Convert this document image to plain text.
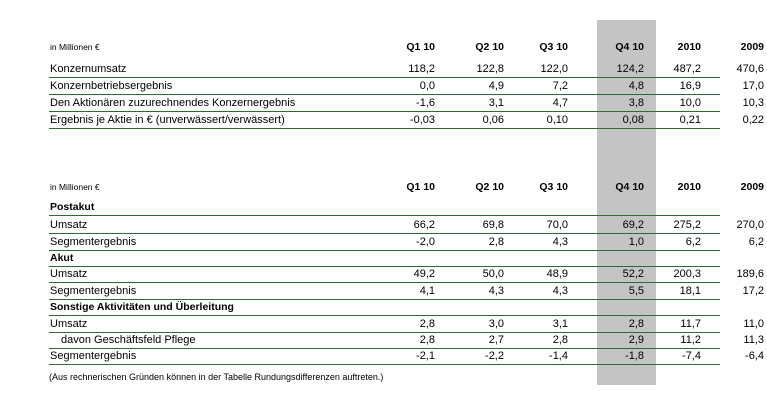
in Millionen €	Q1 10	Q2 10	Q3 10	Q4 10	2010	2009
Konzernumsatz	118,2	122,8	122,0	124,2	487,2	470,6
Konzernbetriebsergebnis	0,0	4,9	7,2	4,8	16,9	17,0
Den Aktionären zuzurechnendes Konzernergebnis	-1,6	3,1	4,7	3,8	10,0	10,3
Ergebnis je Aktie in € (unverwässert/verwässert)	-0,03	0,06	0,10	0,08	0,21	0,22
in Millionen €	Q1 10	Q2 10	Q3 10	Q4 10	2010	2009
Postakut
Umsatz	66,2	69,8	70,0	69,2	275,2	270,0
Segmentergebnis	-2,0	2,8	4,3	1,0	6,2	6,2
Akut
Umsatz	49,2	50,0	48,9	52,2	200,3	189,6
Segmentergebnis	4,1	4,3	4,3	5,5	18,1	17,2
Sonstige Aktivitäten und Überleitung
Umsatz	2,8	3,0	3,1	2,8	11,7	11,0
davon Geschäftsfeld Pflege	2,8	2,7	2,8	2,9	11,2	11,3
Segmentergebnis	-2,1	-2,2	-1,4	-1,8	-7,4	-6,4
(Aus rechnerischen Gründen können in der Tabelle Rundungsdifferenzen auftreten.)
